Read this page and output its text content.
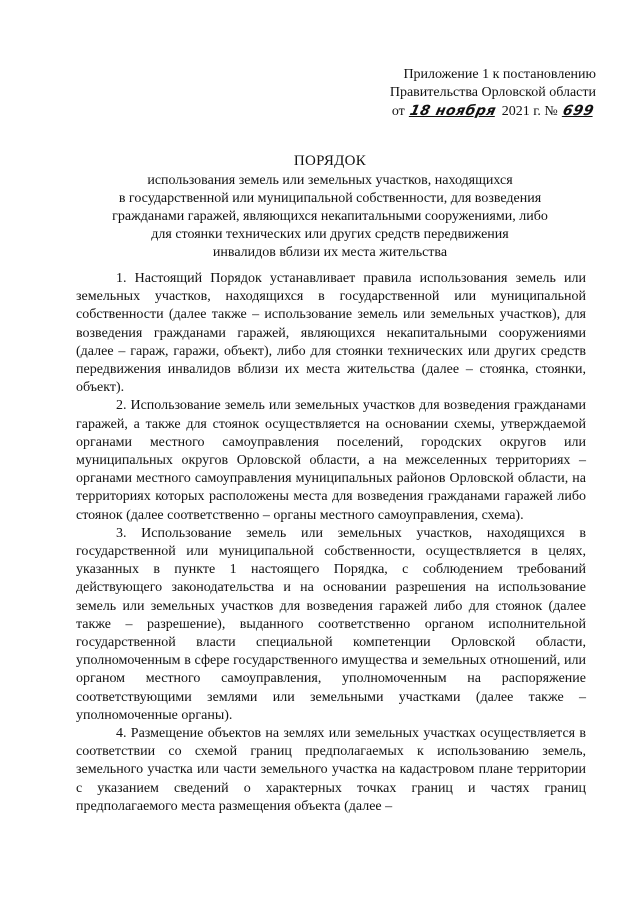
Приложение 1 к постановлению
Правительства Орловской области
от 18 ноября 2021 г. № 699
ПОРЯДОК
использования земель или земельных участков, находящихся
в государственной или муниципальной собственности, для возведения
гражданами гаражей, являющихся некапитальными сооружениями, либо
для стоянки технических или других средств передвижения
инвалидов вблизи их места жительства

1. Настоящий Порядок устанавливает правила использования земель или земельных участков, находящихся в государственной или муниципальной собственности (далее также – использование земель или земельных участков), для возведения гражданами гаражей, являющихся некапитальными сооружениями (далее – гараж, гаражи, объект), либо для стоянки технических или других средств передвижения инвалидов вблизи их места жительства (далее – стоянка, стоянки, объект).

2. Использование земель или земельных участков для возведения гражданами гаражей, а также для стоянок осуществляется на основании схемы, утверждаемой органами местного самоуправления поселений, городских округов или муниципальных округов Орловской области, а на межселенных территориях – органами местного самоуправления муниципальных районов Орловской области, на территориях которых расположены места для возведения гражданами гаражей либо стоянок (далее соответственно – органы местного самоуправления, схема).

3. Использование земель или земельных участков, находящихся в государственной или муниципальной собственности, осуществляется в целях, указанных в пункте 1 настоящего Порядка, с соблюдением требований действующего законодательства и на основании разрешения на использование земель или земельных участков для возведения гаражей либо для стоянок (далее также – разрешение), выданного соответственно органом исполнительной государственной власти специальной компетенции Орловской области, уполномоченным в сфере государственного имущества и земельных отношений, или органом местного самоуправления, уполномоченным на распоряжение соответствующими землями или земельными участками (далее также – уполномоченные органы).

4. Размещение объектов на землях или земельных участках осуществляется в соответствии со схемой границ предполагаемых к использованию земель, земельного участка или части земельного участка на кадастровом плане территории с указанием сведений о характерных точках границ и частях границ предполагаемого места размещения объекта (далее –
